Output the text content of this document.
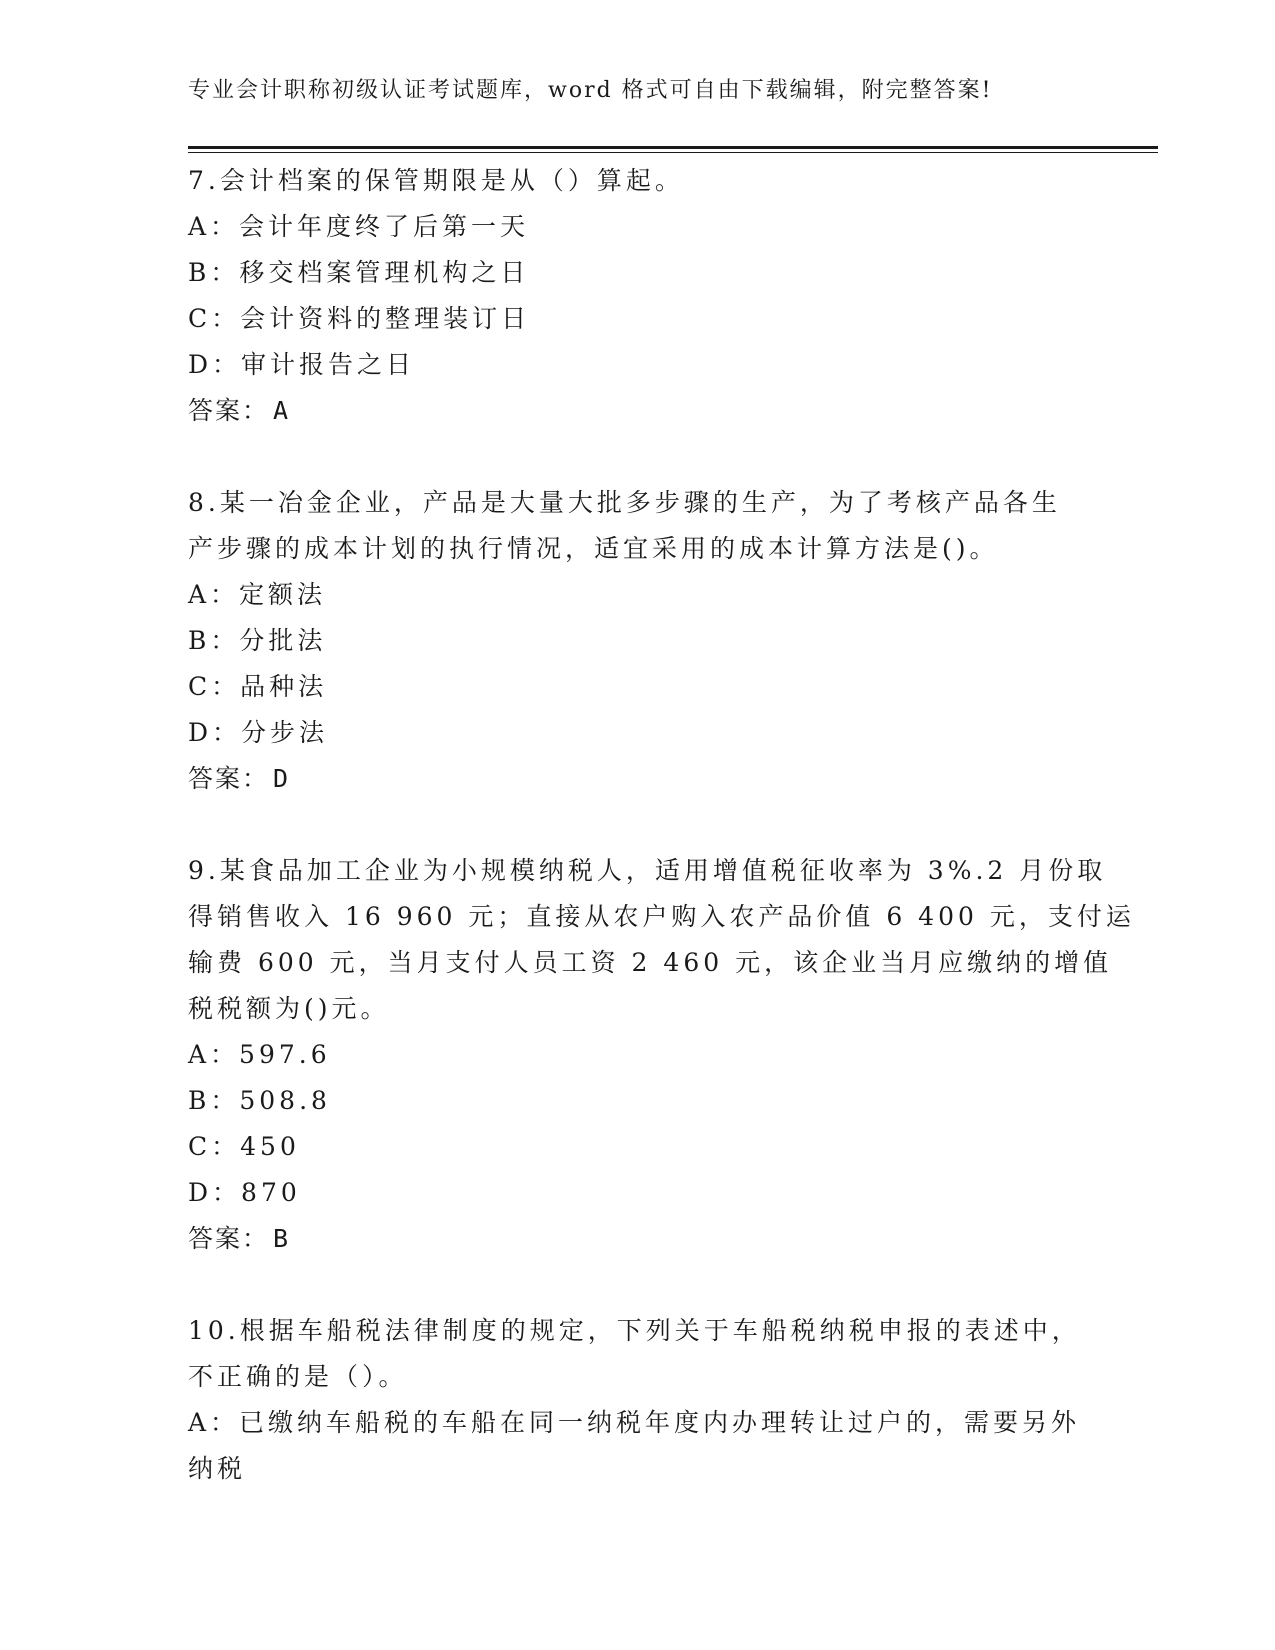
专业会计职称初级认证考试题库，word 格式可自由下载编辑，附完整答案!
7.会计档案的保管期限是从（）算起。
A：会计年度终了后第一天
B：移交档案管理机构之日
C：会计资料的整理装订日
D：审计报告之日
答案： A
8.某一冶金企业，产品是大量大批多步骤的生产，为了考核产品各生
产步骤的成本计划的执行情况，适宜采用的成本计算方法是()。
A：定额法
B：分批法
C：品种法
D：分步法
答案： D
9.某食品加工企业为小规模纳税人，适用增值税征收率为 3%.2 月份取
得销售收入 16 960 元；直接从农户购入农产品价值 6 400 元，支付运
输费 600 元，当月支付人员工资 2 460 元，该企业当月应缴纳的增值
税税额为()元。
A：597.6
B：508.8
C：450
D：870
答案： B
10.根据车船税法律制度的规定，下列关于车船税纳税申报的表述中，
不正确的是（）。
A：已缴纳车船税的车船在同一纳税年度内办理转让过户的，需要另外
纳税
